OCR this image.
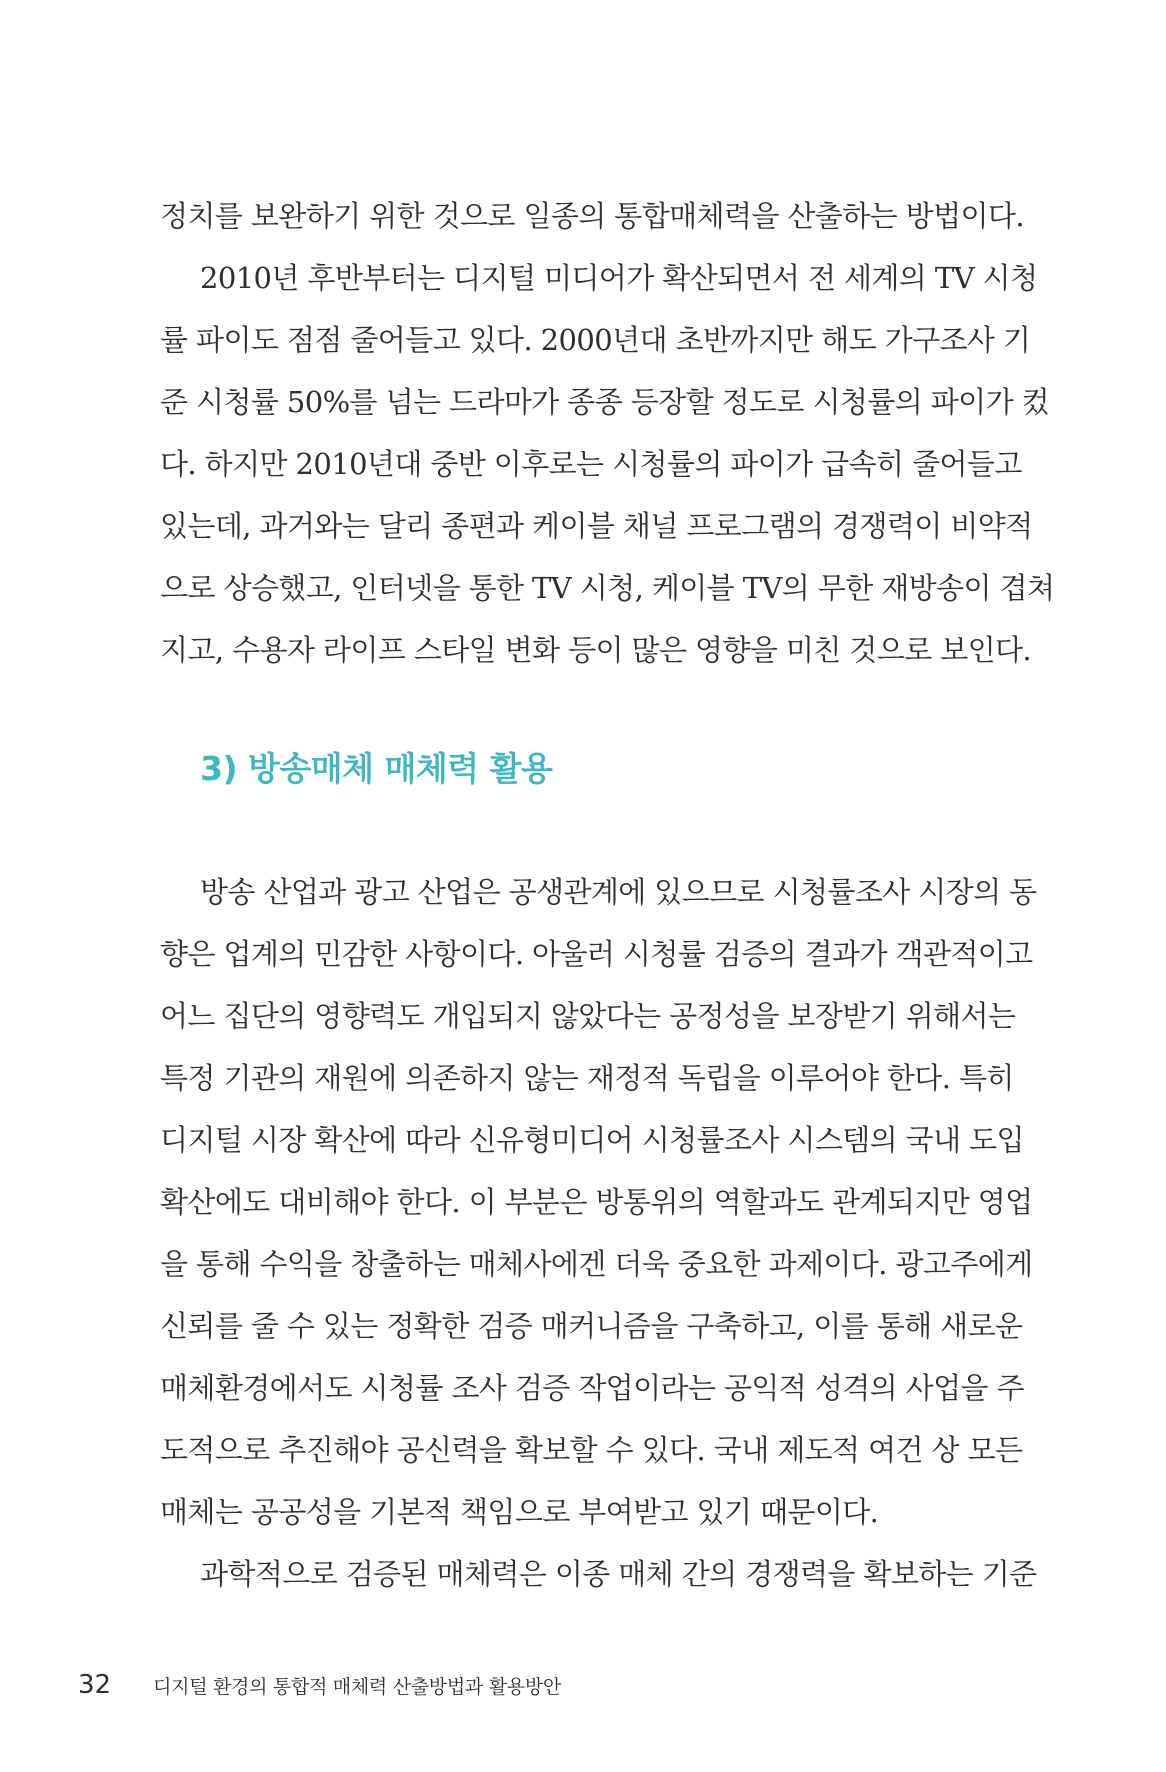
정치를 보완하기 위한 것으로 일종의 통합매체력을 산출하는 방법이다.
2010년 후반부터는 디지털 미디어가 확산되면서 전 세계의 TV 시청
률 파이도 점점 줄어들고 있다. 2000년대 초반까지만 해도 가구조사 기
준 시청률 50%를 넘는 드라마가 종종 등장할 정도로 시청률의 파이가 컸
다. 하지만 2010년대 중반 이후로는 시청률의 파이가 급속히 줄어들고
있는데, 과거와는 달리 종편과 케이블 채널 프로그램의 경쟁력이 비약적
으로 상승했고, 인터넷을 통한 TV 시청, 케이블 TV의 무한 재방송이 겹쳐
지고, 수용자 라이프 스타일 변화 등이 많은 영향을 미친 것으로 보인다.
3) 방송매체 매체력 활용
방송 산업과 광고 산업은 공생관계에 있으므로 시청률조사 시장의 동
향은 업계의 민감한 사항이다. 아울러 시청률 검증의 결과가 객관적이고
어느 집단의 영향력도 개입되지 않았다는 공정성을 보장받기 위해서는
특정 기관의 재원에 의존하지 않는 재정적 독립을 이루어야 한다. 특히
디지털 시장 확산에 따라 신유형미디어 시청률조사 시스템의 국내 도입
확산에도 대비해야 한다. 이 부분은 방통위의 역할과도 관계되지만 영업
을 통해 수익을 창출하는 매체사에겐 더욱 중요한 과제이다. 광고주에게
신뢰를 줄 수 있는 정확한 검증 매커니즘을 구축하고, 이를 통해 새로운
매체환경에서도 시청률 조사 검증 작업이라는 공익적 성격의 사업을 주
도적으로 추진해야 공신력을 확보할 수 있다. 국내 제도적 여건 상 모든
매체는 공공성을 기본적 책임으로 부여받고 있기 때문이다.
과학적으로 검증된 매체력은 이종 매체 간의 경쟁력을 확보하는 기준
32 디지털 환경의 통합적 매체력 산출방법과 활용방안
